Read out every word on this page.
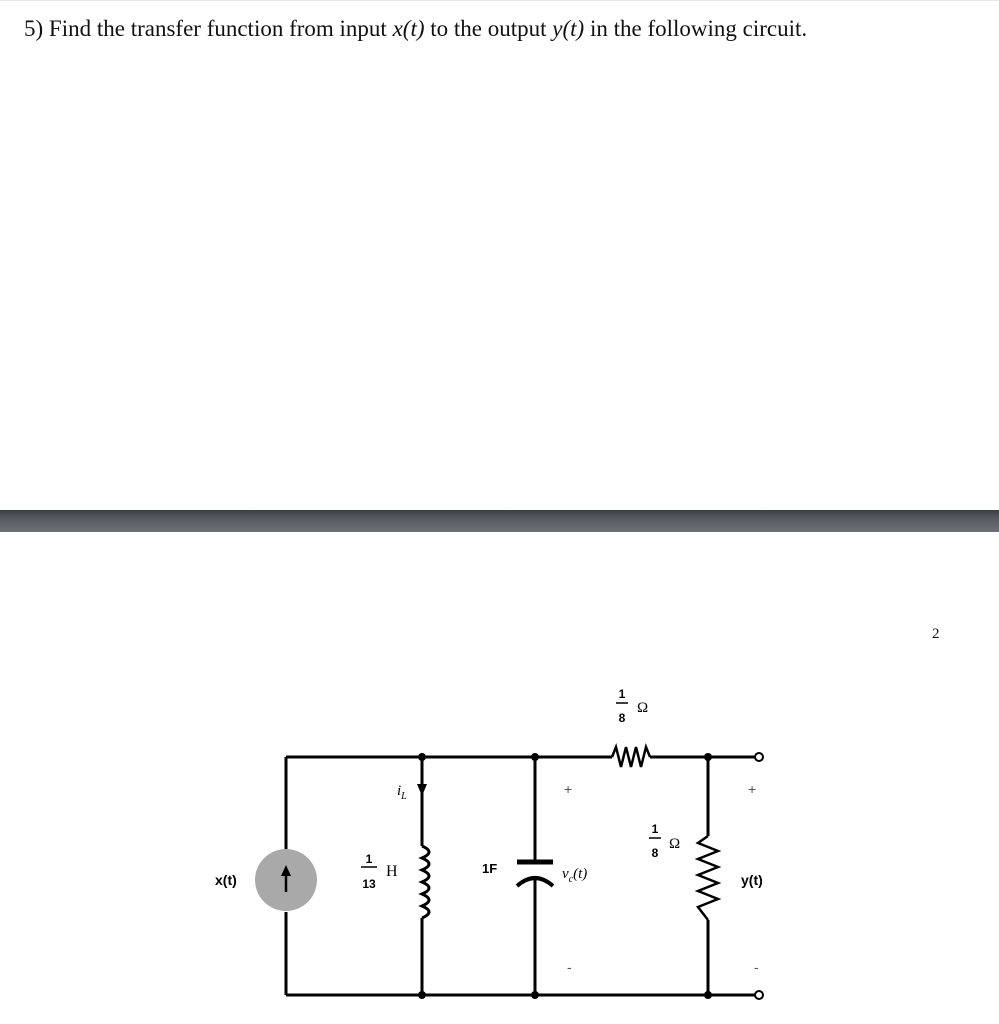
5) Find the transfer function from input x(t) to the output y(t) in the following circuit.
2
x(t)
1
13
H
$i_L$
1F	$v_c(t)$
+
-
1
8
Ω
1
8
Ω
+
y(t)
-
